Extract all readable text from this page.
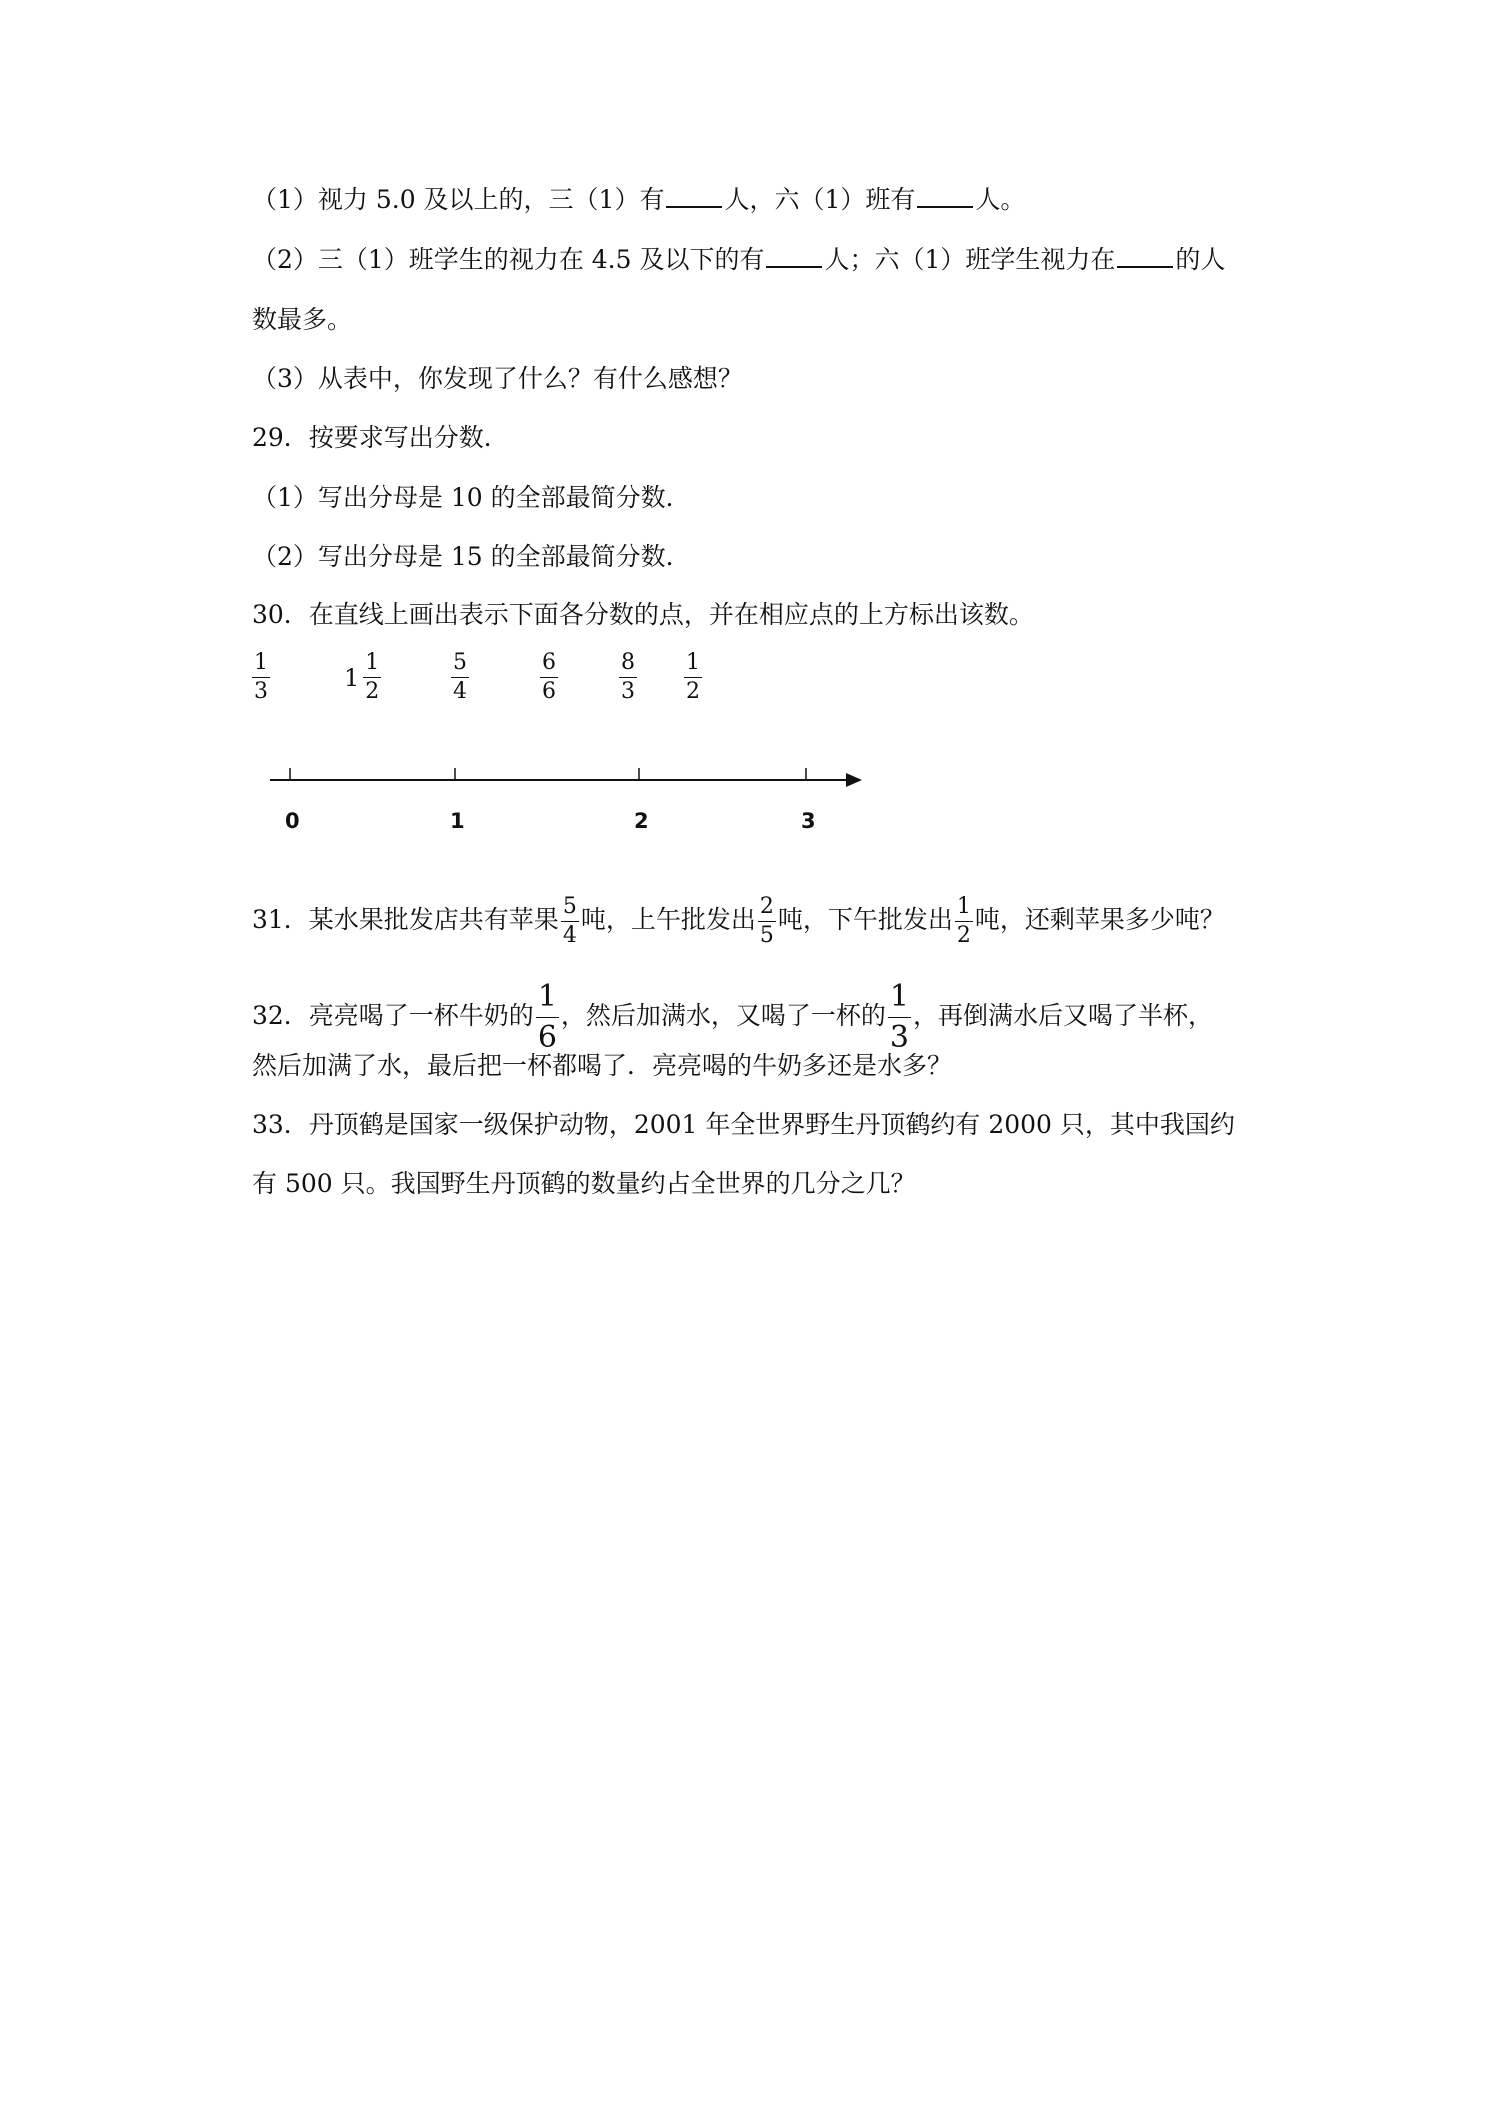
（1）视力 5.0 及以上的，三（1）有 人，六（1）班有 人。
（2）三（1）班学生的视力在 4.5 及以下的有 人；六（1）班学生视力在 的人
数最多。
（3）从表中，你发现了什么？有什么感想？
29．按要求写出分数．
（1）写出分母是 10 的全部最简分数．
（2）写出分母是 15 的全部最简分数．
30．在直线上画出表示下面各分数的点，并在相应点的上方标出该数。
$\frac{1}{3}$	$1 \frac{1}{2}$	$\frac{5}{4}$	$\frac{6}{6}$	$\frac{8}{3} \frac{1}{2}$
0	1	2	3
31．某水果批发店共有苹果 $\frac{5}{4}$ 吨，上午批发出 $\frac{2}{5}$ 吨，下午批发出 $\frac{1}{2}$ 吨，还剩苹果多少吨？
32．亮亮喝了一杯牛奶的 $\frac{1}{6}$ ，然后加满水，又喝了一杯的 $\frac{1}{3}$ ，再倒满水后又喝了半杯，
然后加满了水，最后把一杯都喝了．亮亮喝的牛奶多还是水多？
33．丹顶鹤是国家一级保护动物，2001 年全世界野生丹顶鹤约有 2000 只，其中我国约
有 500 只。我国野生丹顶鹤的数量约占全世界的几分之几？
